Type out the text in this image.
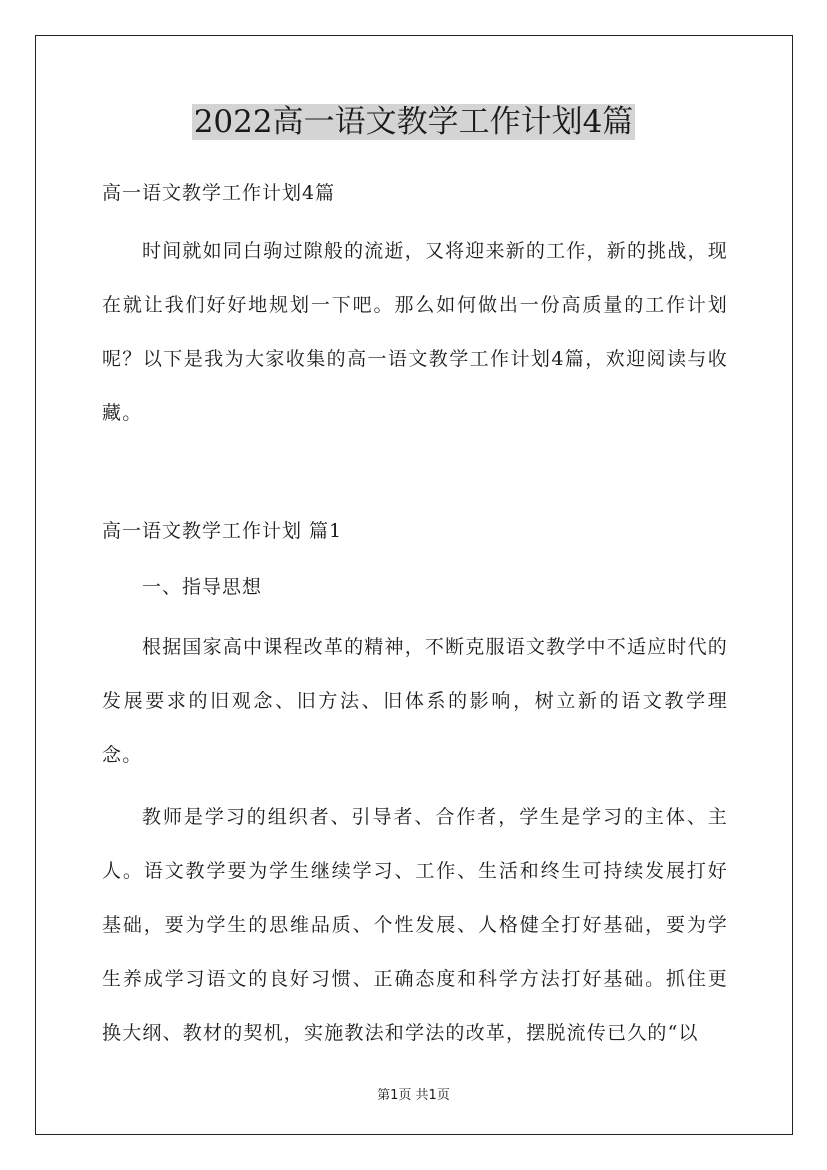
2022高一语文教学工作计划4篇

高一语文教学工作计划4篇

时间就如同白驹过隙般的流逝，又将迎来新的工作，新的挑战，现在就让我们好好地规划一下吧。那么如何做出一份高质量的工作计划呢？以下是我为大家收集的高一语文教学工作计划4篇，欢迎阅读与收藏。

高一语文教学工作计划 篇1

一、指导思想

根据国家高中课程改革的精神，不断克服语文教学中不适应时代的发展要求的旧观念、旧方法、旧体系的影响，树立新的语文教学理念。

教师是学习的组织者、引导者、合作者，学生是学习的主体、主人。语文教学要为学生继续学习、工作、生活和终生可持续发展打好基础，要为学生的思维品质、个性发展、人格健全打好基础，要为学生养成学习语文的良好习惯、正确态度和科学方法打好基础。抓住更换大纲、教材的契机，实施教法和学法的改革，摆脱流传已久的“以

第1页 共1页
